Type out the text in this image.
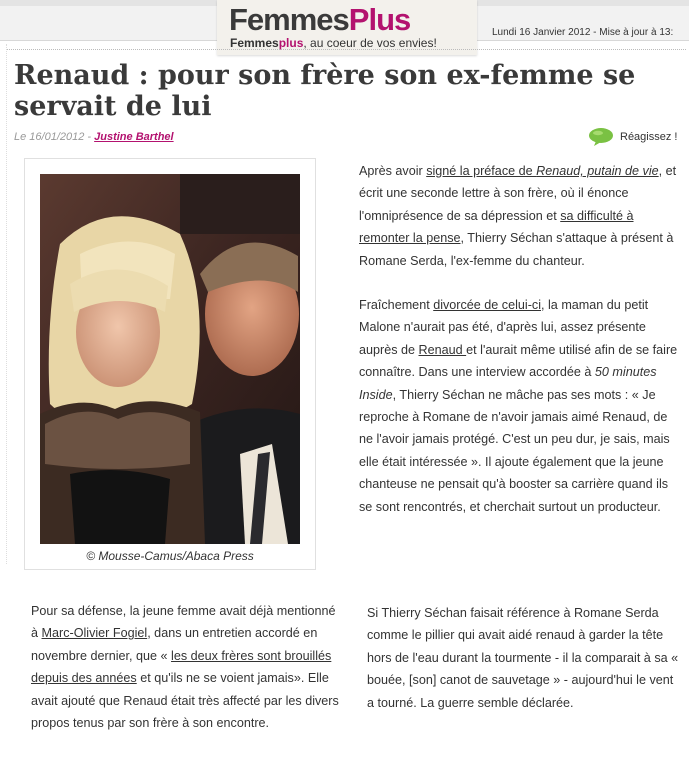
FemmesPlus
Femmesplus, au coeur de vos envies!
Lundi 16 Janvier 2012 - Mise à jour à 13:
Renaud : pour son frère son ex-femme se servait de lui
Le 16/01/2012 - Justine Barthel	Réagissez !
© Mousse-Camus/Abaca Press

Après avoir signé la préface de Renaud, putain de vie, et écrit une seconde lettre à son frère, où il énonce l'omniprésence de sa dépression et sa difficulté à remonter la pense, Thierry Séchan s'attaque à présent à Romane Serda, l'ex-femme du chanteur.

Fraîchement divorcée de celui-ci, la maman du petit Malone n'aurait pas été, d'après lui, assez présente auprès de Renaud et l'aurait même utilisé afin de se faire connaître. Dans une interview accordée à 50 minutes Inside, Thierry Séchan ne mâche pas ses mots : « Je reproche à Romane de n'avoir jamais aimé Renaud, de ne l'avoir jamais protégé. C'est un peu dur, je sais, mais elle était intéressée ». Il ajoute également que la jeune chanteuse ne pensait qu'à booster sa carrière quand ils se sont rencontrés, et cherchait surtout un producteur.

Pour sa défense, la jeune femme avait déjà mentionné à Marc-Olivier Fogiel, dans un entretien accordé en novembre dernier, que « les deux frères sont brouillés depuis des années et qu'ils ne se voient jamais». Elle avait ajouté que Renaud était très affecté par les divers propos tenus par son frère à son encontre.

Si Thierry Séchan faisait référence à Romane Serda comme le pillier qui avait aidé renaud à garder la tête hors de l'eau durant la tourmente - il la comparait à sa « bouée, [son] canot de sauvetage » - aujourd'hui le vent a tourné. La guerre semble déclarée.
